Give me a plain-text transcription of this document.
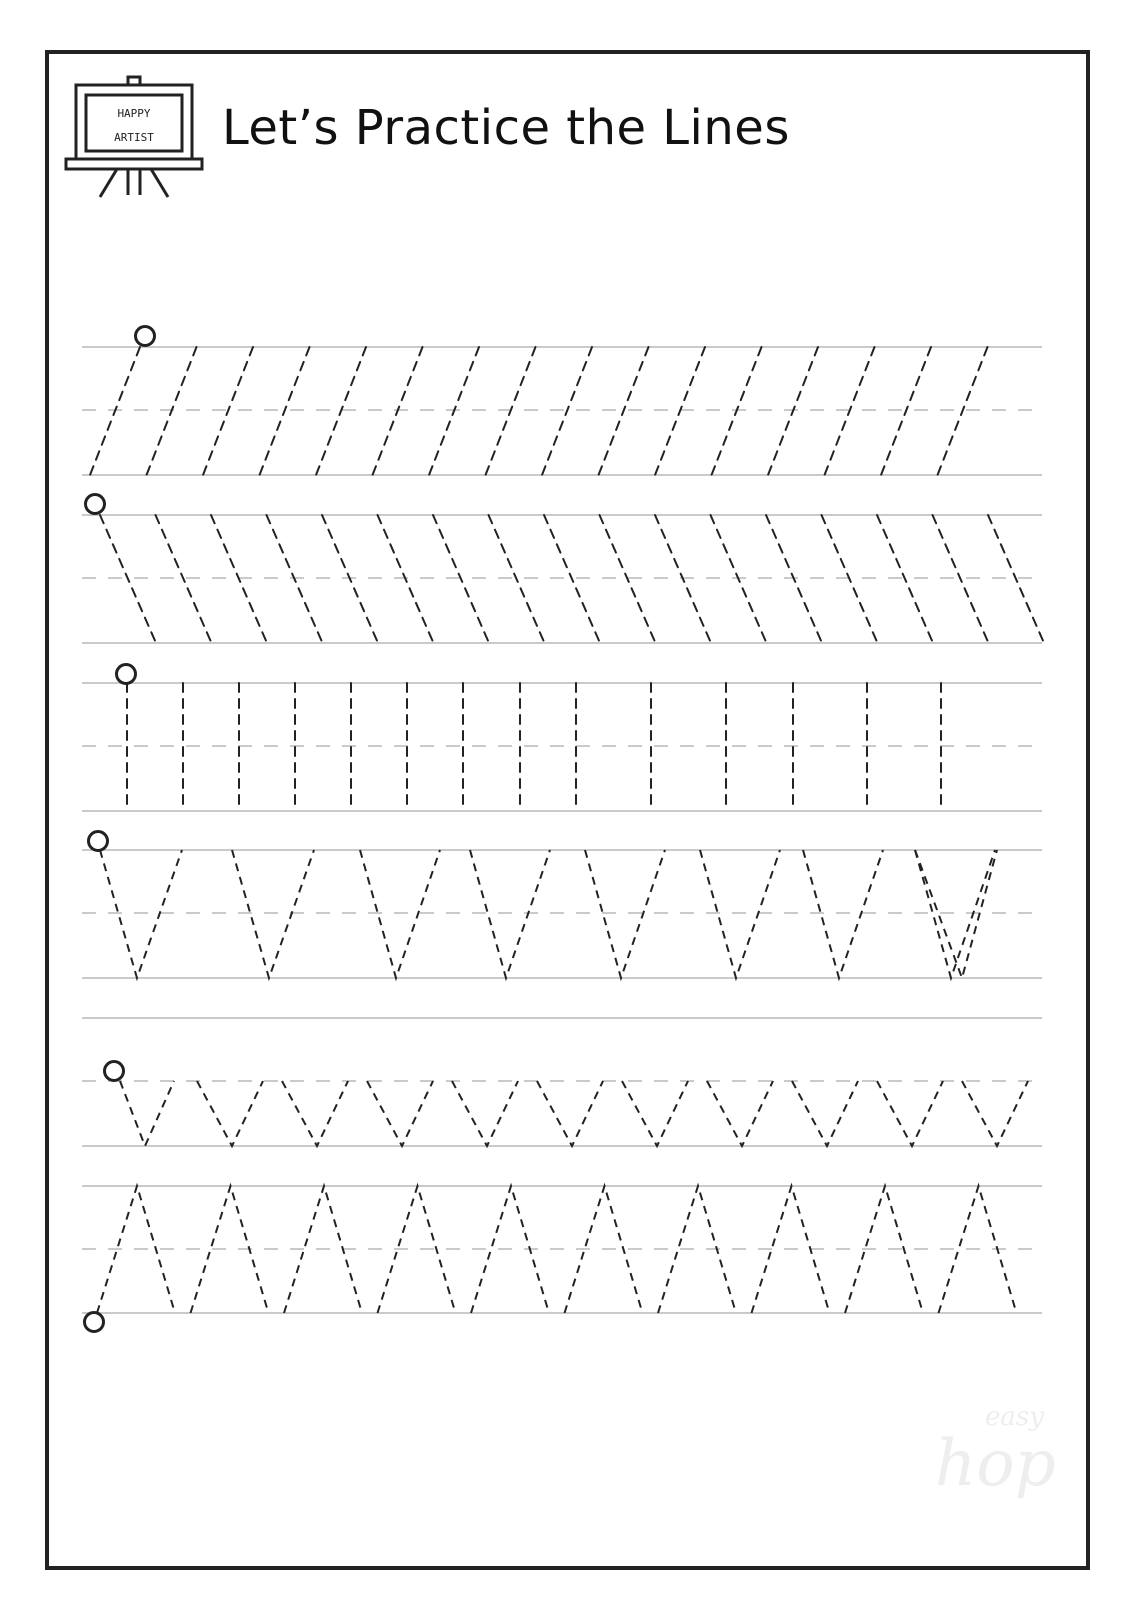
HAPPY
ARTIST Let’s Practice the Lines
easy
hop
